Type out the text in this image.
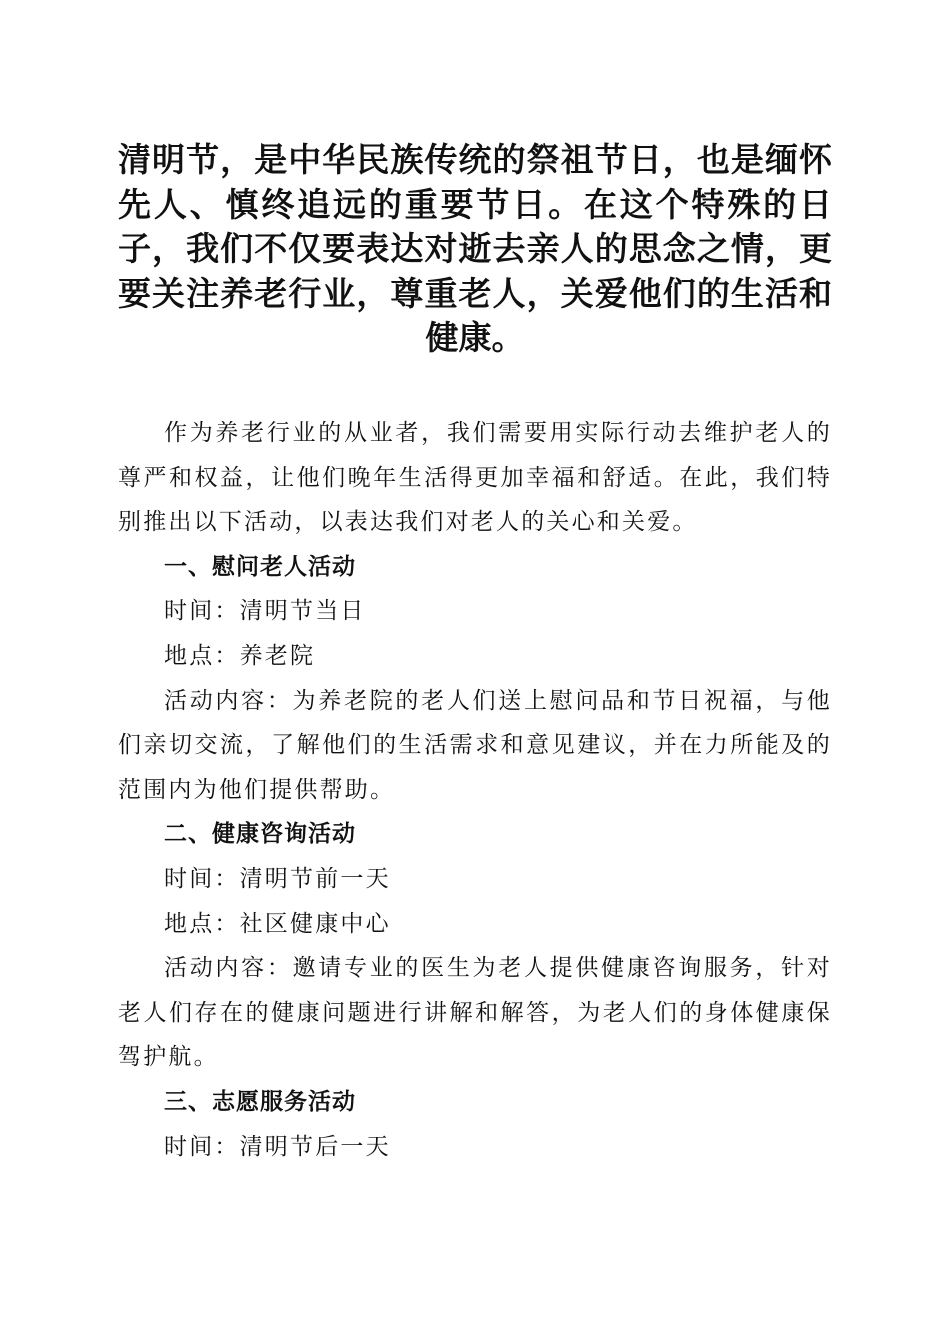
清明节，是中华民族传统的祭祖节日，也是缅怀先人、慎终追远的重要节日。在这个特殊的日子，我们不仅要表达对逝去亲人的思念之情，更要关注养老行业，尊重老人，关爱他们的生活和健康。

作为养老行业的从业者，我们需要用实际行动去维护老人的尊严和权益，让他们晚年生活得更加幸福和舒适。在此，我们特别推出以下活动，以表达我们对老人的关心和关爱。

一、慰问老人活动

时间：清明节当日

地点：养老院

活动内容：为养老院的老人们送上慰问品和节日祝福，与他们亲切交流，了解他们的生活需求和意见建议，并在力所能及的范围内为他们提供帮助。

二、健康咨询活动

时间：清明节前一天

地点：社区健康中心

活动内容：邀请专业的医生为老人提供健康咨询服务，针对老人们存在的健康问题进行讲解和解答，为老人们的身体健康保驾护航。

三、志愿服务活动

时间：清明节后一天
